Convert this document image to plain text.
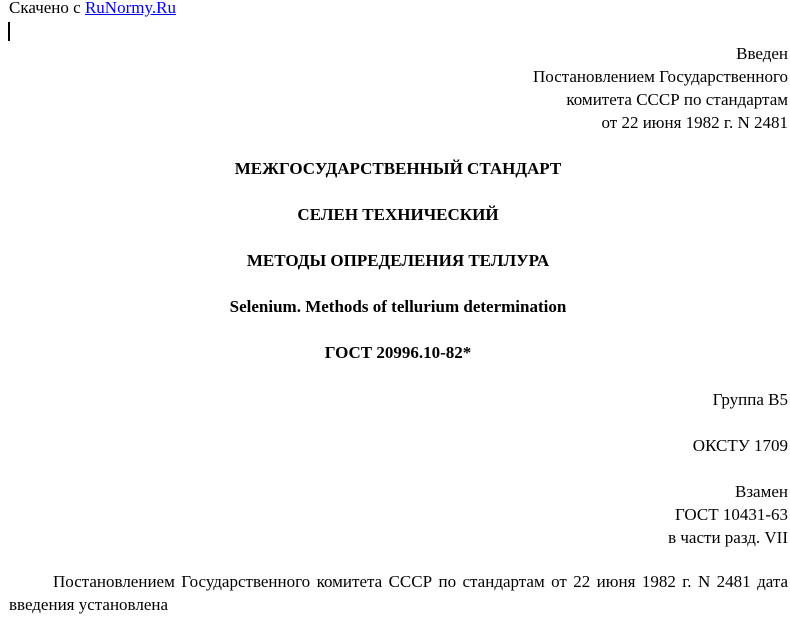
Скачено с RuNormy.Ru
Введен
Постановлением Государственного
комитета СССР по стандартам
от 22 июня 1982 г. N 2481
МЕЖГОСУДАРСТВЕННЫЙ СТАНДАРТ
СЕЛЕН ТЕХНИЧЕСКИЙ
МЕТОДЫ ОПРЕДЕЛЕНИЯ ТЕЛЛУРА
Selenium. Methods of tellurium determination
ГОСТ 20996.10-82*
Группа В5
ОКСТУ 1709
Взамен
ГОСТ 10431-63
в части разд. VII
Постановлением Государственного комитета СССР по стандартам от 22 июня 1982 г. N 2481 дата введения установлена
